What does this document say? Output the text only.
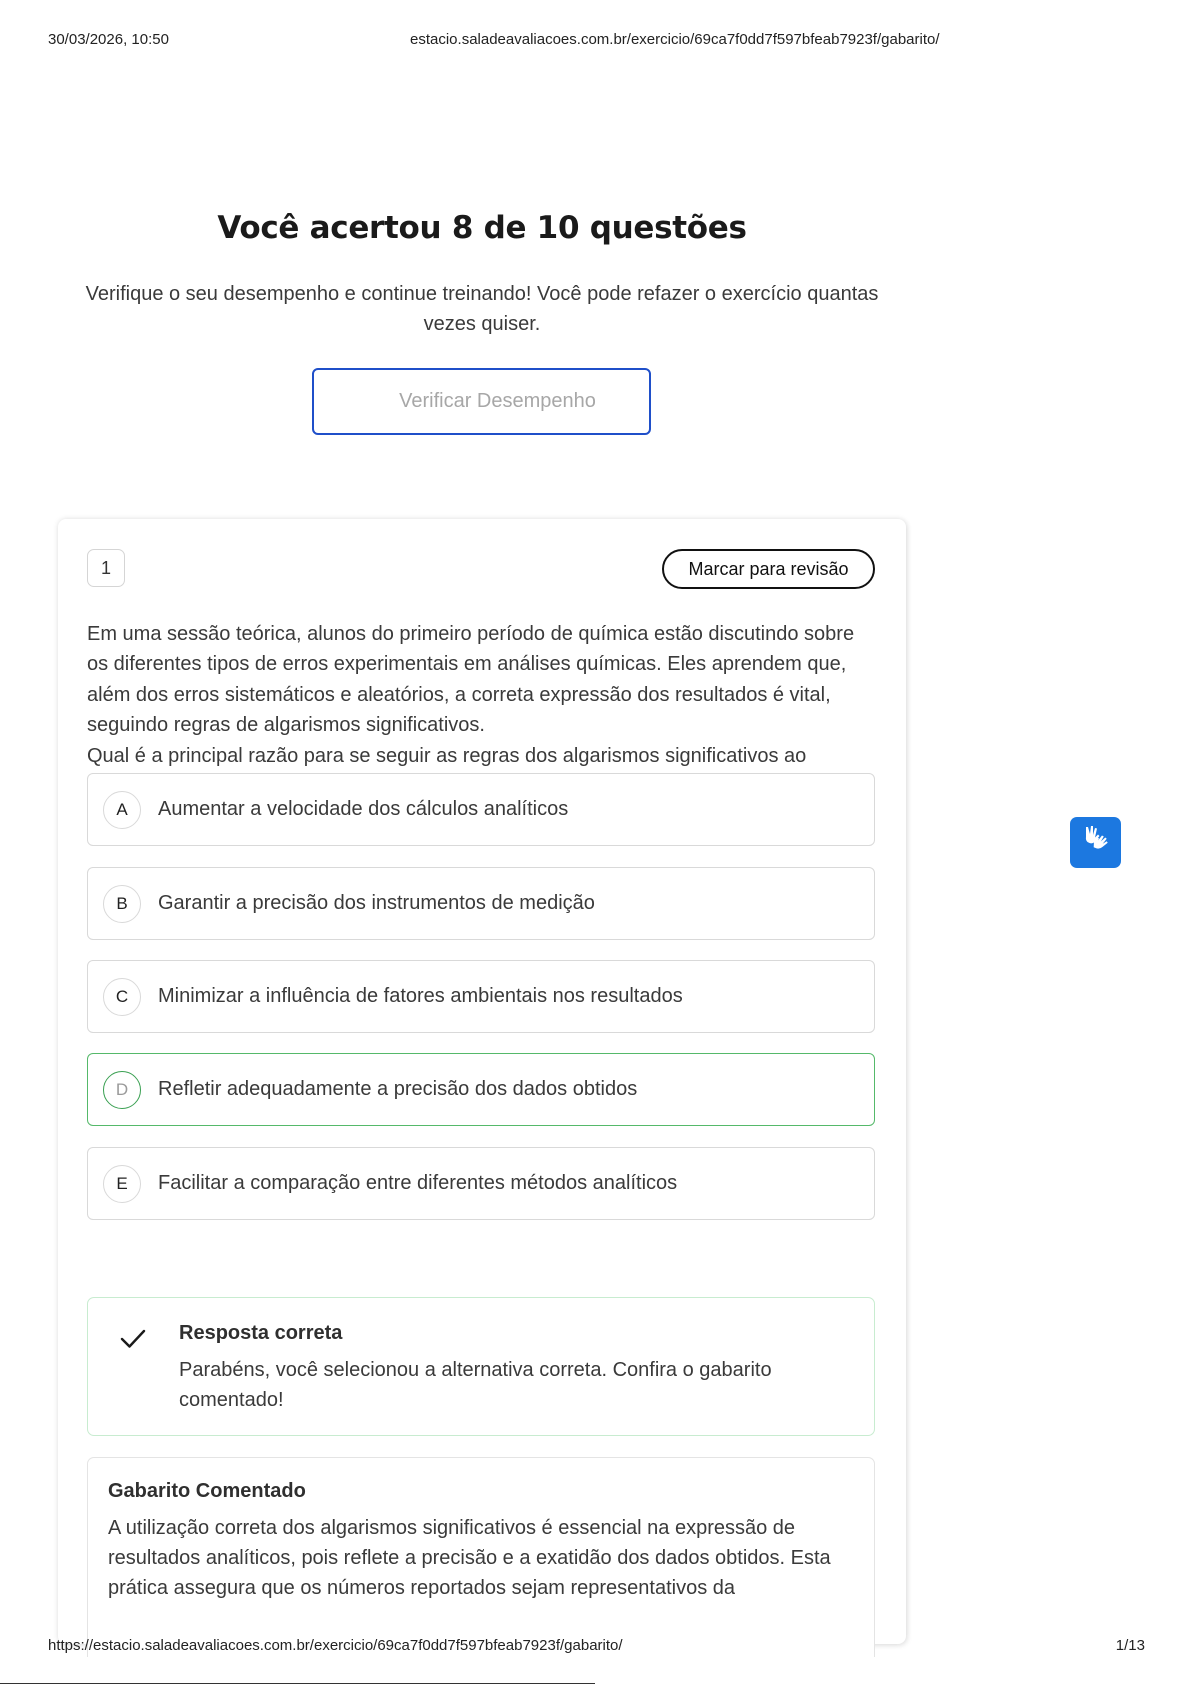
30/03/2026, 10:50	estacio.saladeavaliacoes.com.br/exercicio/69ca7f0dd7f597bfeab7923f/gabarito/
Você acertou 8 de 10 questões
Verifique o seu desempenho e continue treinando! Você pode refazer o exercício quantas vezes quiser.
Verificar Desempenho
1	Marcar para revisão

Em uma sessão teórica, alunos do primeiro período de química estão discutindo sobre os diferentes tipos de erros experimentais em análises químicas. Eles aprendem que, além dos erros sistemáticos e aleatórios, a correta expressão dos resultados é vital, seguindo regras de algarismos significativos.

Qual é a principal razão para se seguir as regras dos algarismos significativos ao

A	Aumentar a velocidade dos cálculos analíticos
B	Garantir a precisão dos instrumentos de medição
C	Minimizar a influência de fatores ambientais nos resultados
D	Refletir adequadamente a precisão dos dados obtidos
E	Facilitar a comparação entre diferentes métodos analíticos
Resposta correta
Parabéns, você selecionou a alternativa correta. Confira o gabarito comentado!
Gabarito Comentado
A utilização correta dos algarismos significativos é essencial na expressão de resultados analíticos, pois reflete a precisão e a exatidão dos dados obtidos. Esta prática assegura que os números reportados sejam representativos da
https://estacio.saladeavaliacoes.com.br/exercicio/69ca7f0dd7f597bfeab7923f/gabarito/	1/13
